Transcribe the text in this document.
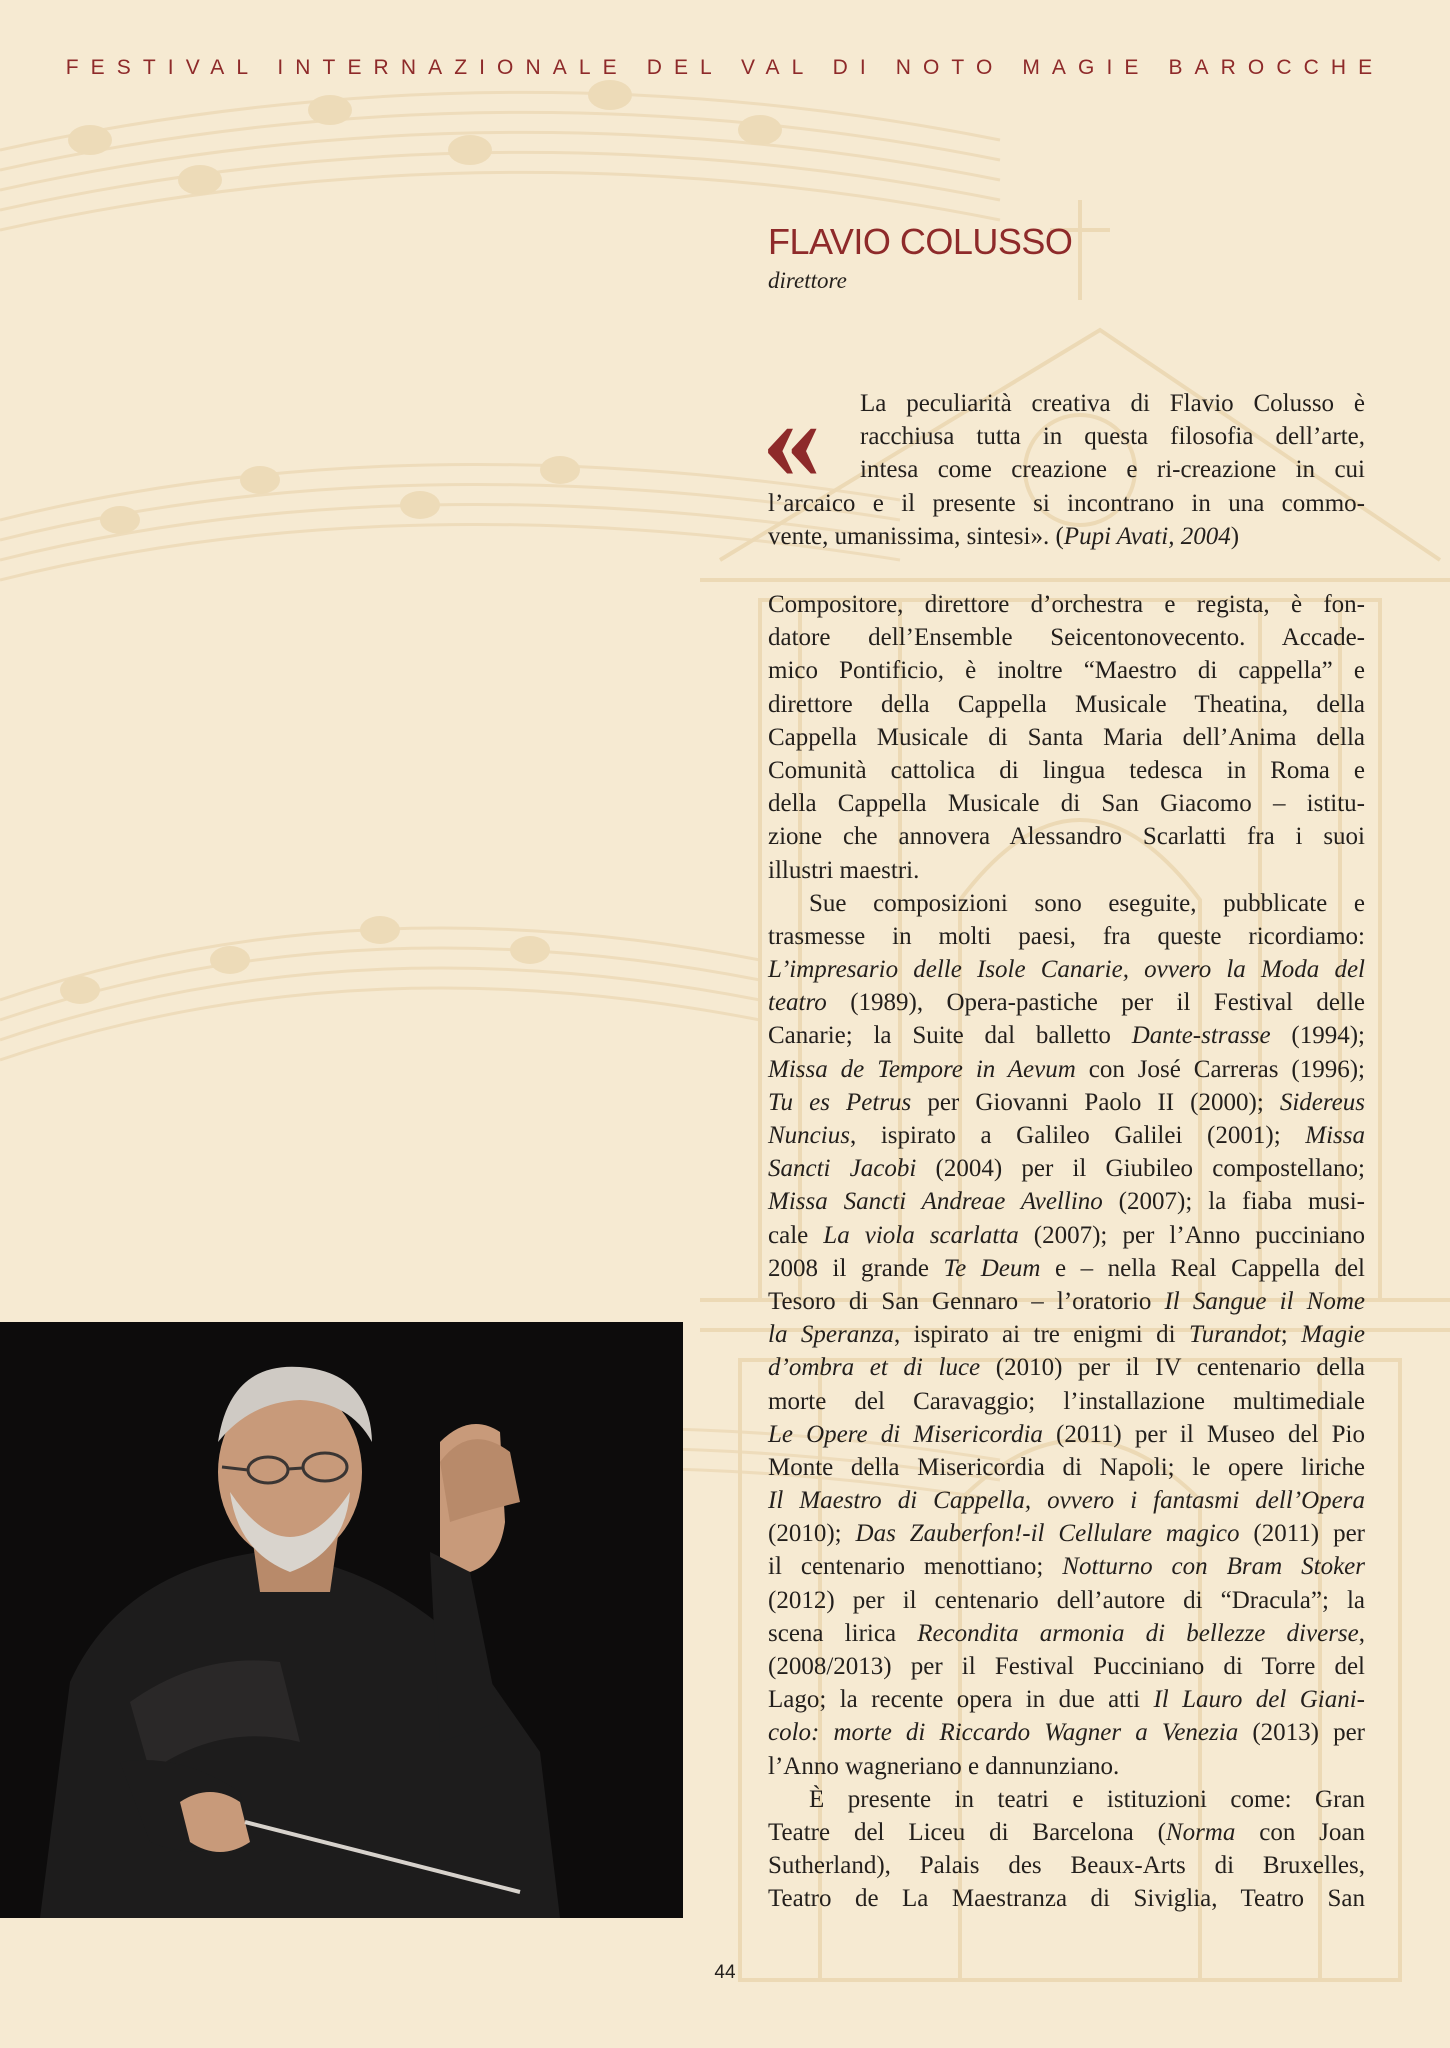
FESTIVAL INTERNAZIONALE DEL VAL DI NOTO MAGIE BAROCCHE
FLAVIO COLUSSO
direttore
«	La peculiarità creativa di Flavio Colusso è
racchiusa tutta in questa filosofia dell’arte,
intesa come creazione e ri-creazione in cui
l’arcaico e il presente si incontrano in una commo-
vente, umanissima, sintesi». (Pupi Avati, 2004)
Compositore, direttore d’orchestra e regista, è fon-
datore dell’Ensemble Seicentonovecento. Accade-
mico Pontificio, è inoltre “Maestro di cappella” e
direttore della Cappella Musicale Theatina, della
Cappella Musicale di Santa Maria dell’Anima della
Comunità cattolica di lingua tedesca in Roma e
della Cappella Musicale di San Giacomo – istitu-
zione che annovera Alessandro Scarlatti fra i suoi
illustri maestri.
Sue composizioni sono eseguite, pubblicate e
trasmesse in molti paesi, fra queste ricordiamo:
L’impresario delle Isole Canarie, ovvero la Moda del
teatro (1989), Opera-pastiche per il Festival delle
Canarie; la Suite dal balletto Dante-strasse (1994);
Missa de Tempore in Aevum con José Carreras (1996);
Tu es Petrus per Giovanni Paolo II (2000); Sidereus
Nuncius, ispirato a Galileo Galilei (2001); Missa
Sancti Jacobi (2004) per il Giubileo compostellano;
Missa Sancti Andreae Avellino (2007); la fiaba musi-
cale La viola scarlatta (2007); per l’Anno pucciniano
2008 il grande Te Deum e – nella Real Cappella del
Tesoro di San Gennaro – l’oratorio Il Sangue il Nome
la Speranza, ispirato ai tre enigmi di Turandot; Magie
d’ombra et di luce (2010) per il IV centenario della
morte del Caravaggio; l’installazione multimediale
Le Opere di Misericordia (2011) per il Museo del Pio
Monte della Misericordia di Napoli; le opere liriche
Il Maestro di Cappella, ovvero i fantasmi dell’Opera
(2010); Das Zauberfon!-il Cellulare magico (2011) per
il centenario menottiano; Notturno con Bram Stoker
(2012) per il centenario dell’autore di “Dracula”; la
scena lirica Recondita armonia di bellezze diverse,
(2008/2013) per il Festival Pucciniano di Torre del
Lago; la recente opera in due atti Il Lauro del Giani-
colo: morte di Riccardo Wagner a Venezia (2013) per
l’Anno wagneriano e dannunziano.
È presente in teatri e istituzioni come: Gran
Teatre del Liceu di Barcelona (Norma con Joan
Sutherland), Palais des Beaux-Arts di Bruxelles,
Teatro de La Maestranza di Siviglia, Teatro San
44
